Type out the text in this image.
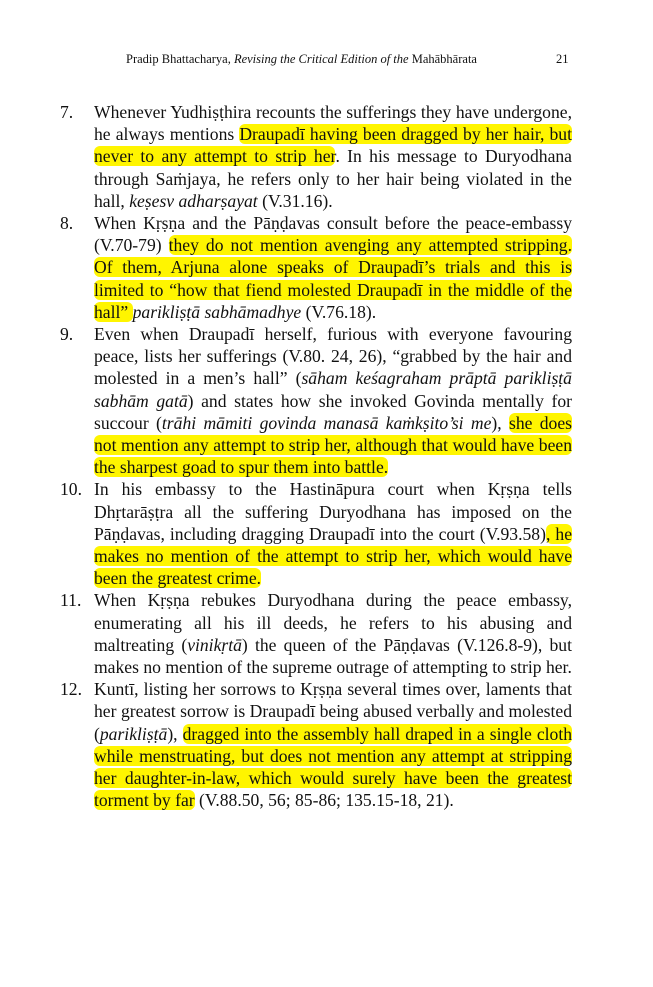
Pradip Bhattacharya, Revising the Critical Edition of the Mahābhārata	21
7.	Whenever Yudhiṣṭhira recounts the sufferings they have undergone, he always mentions Draupadī having been dragged by her hair, but never to any attempt to strip her. In his message to Duryodhana through Saṁjaya, he refers only to her hair being violated in the hall, keṣesv adharṣayat (V.31.16).
8.	When Kṛṣṇa and the Pāṇḍavas consult before the peace-embassy (V.70-79) they do not mention avenging any attempted stripping. Of them, Arjuna alone speaks of Draupadī’s trials and this is limited to “how that fiend molested Draupadī in the middle of the hall” parikliṣṭā sabhāmadhye (V.76.18).
9.	Even when Draupadī herself, furious with everyone favouring peace, lists her sufferings (V.80. 24, 26), “grabbed by the hair and molested in a men’s hall” (sāham keśagraham prāptā parikliṣṭā sabhām gatā) and states how she invoked Govinda mentally for succour (trāhi māmiti govinda manasā kaṁkṣito’si me), she does not mention any attempt to strip her, although that would have been the sharpest goad to spur them into battle.
10. In his embassy to the Hastināpura court when Kṛṣṇa tells Dhṛtarāṣṭra all the suffering Duryodhana has imposed on the Pāṇḍavas, including dragging Draupadī into the court (V.93.58), he makes no mention of the attempt to strip her, which would have been the greatest crime.
11. When Kṛṣṇa rebukes Duryodhana during the peace embassy, enumerating all his ill deeds, he refers to his abusing and maltreating (vinikṛtā) the queen of the Pāṇḍavas (V.126.8-9), but makes no mention of the supreme outrage of attempting to strip her.
12. Kuntī, listing her sorrows to Kṛṣṇa several times over, laments that her greatest sorrow is Draupadī being abused verbally and molested (parikliṣṭā), dragged into the assembly hall draped in a single cloth while menstruating, but does not mention any attempt at stripping her daughter-in-law, which would surely have been the greatest torment by far (V.88.50, 56; 85-86; 135.15-18, 21).
